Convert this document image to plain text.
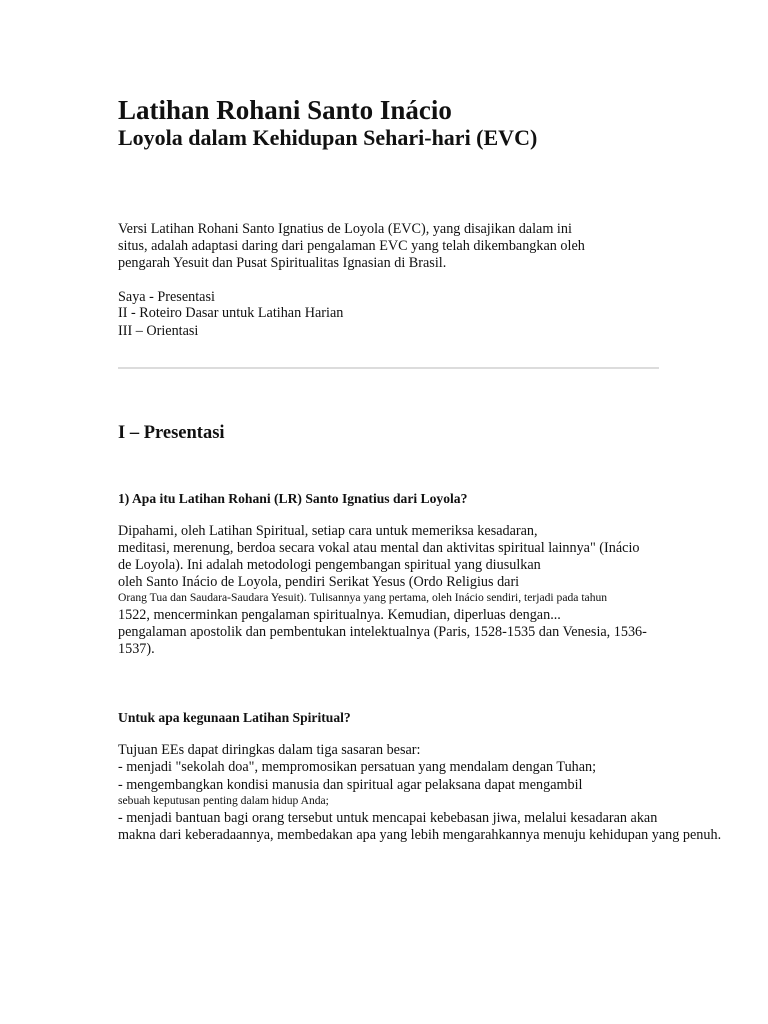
Latihan Rohani Santo Inácio
Loyola dalam Kehidupan Sehari-hari (EVC)
Versi Latihan Rohani Santo Ignatius de Loyola (EVC), yang disajikan dalam ini
situs, adalah adaptasi daring dari pengalaman EVC yang telah dikembangkan oleh
pengarah Yesuit dan Pusat Spiritualitas Ignasian di Brasil.
Saya - Presentasi
II - Roteiro Dasar untuk Latihan Harian
III – Orientasi
I – Presentasi
1) Apa itu Latihan Rohani (LR) Santo Ignatius dari Loyola?
Dipahami, oleh Latihan Spiritual, setiap cara untuk memeriksa kesadaran,
meditasi, merenung, berdoa secara vokal atau mental dan aktivitas spiritual lainnya" (Inácio
de Loyola). Ini adalah metodologi pengembangan spiritual yang diusulkan
oleh Santo Inácio de Loyola, pendiri Serikat Yesus (Ordo Religius dari
Orang Tua dan Saudara-Saudara Yesuit). Tulisannya yang pertama, oleh Inácio sendiri, terjadi pada tahun
1522, mencerminkan pengalaman spiritualnya. Kemudian, diperluas dengan...
pengalaman apostolik dan pembentukan intelektualnya (Paris, 1528-1535 dan Venesia, 1536-
1537).
Untuk apa kegunaan Latihan Spiritual?
Tujuan EEs dapat diringkas dalam tiga sasaran besar:
- menjadi "sekolah doa", mempromosikan persatuan yang mendalam dengan Tuhan;
- mengembangkan kondisi manusia dan spiritual agar pelaksana dapat mengambil
sebuah keputusan penting dalam hidup Anda;
- menjadi bantuan bagi orang tersebut untuk mencapai kebebasan jiwa, melalui kesadaran akan
makna dari keberadaannya, membedakan apa yang lebih mengarahkannya menuju kehidupan yang penuh.
